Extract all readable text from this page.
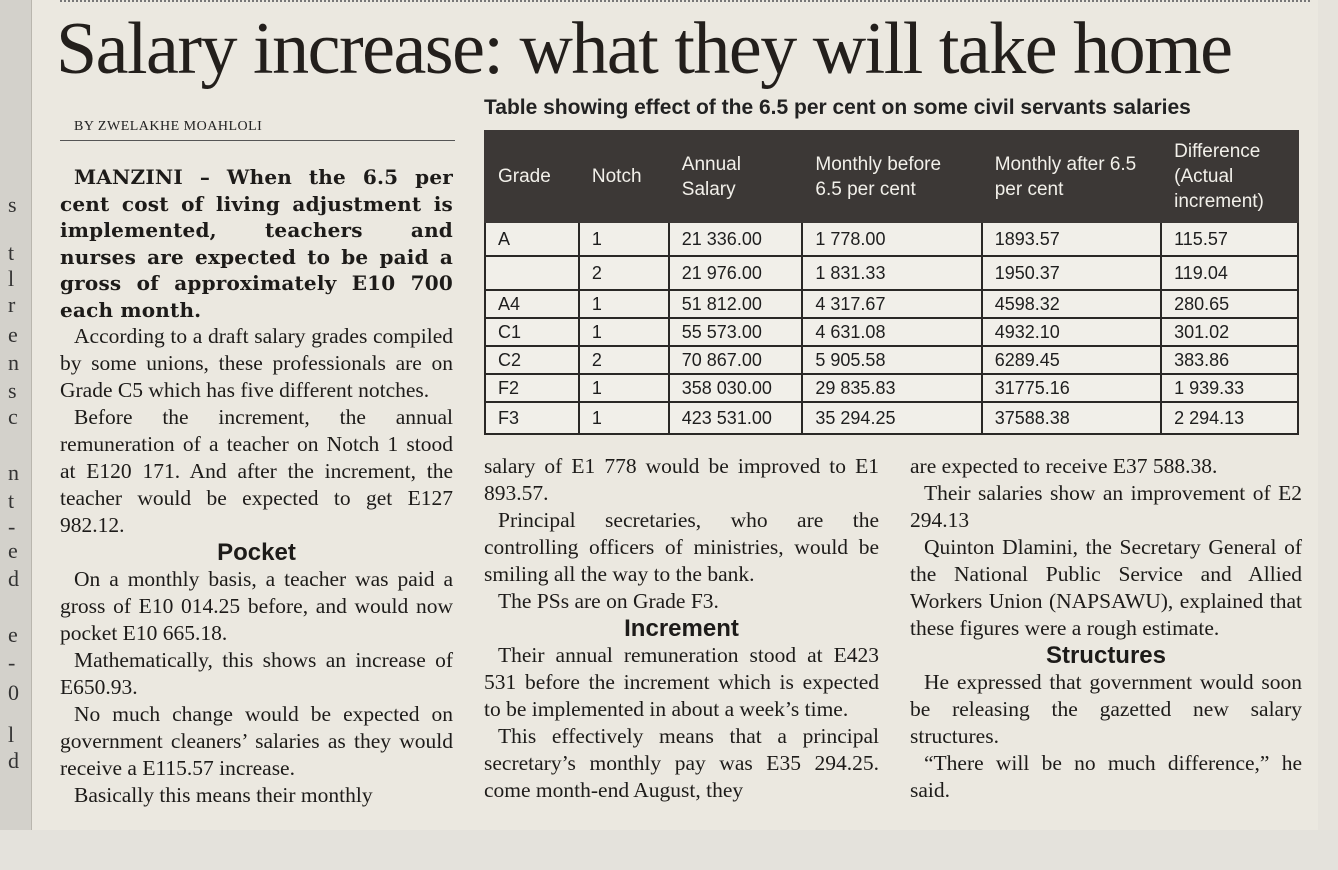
s
t
l
r
e
n
s
c
n
t
-
e
d
e
-
0
l
d
Salary increase: what they will take home
BY ZWELAKHE MOAHLOLI
Table showing effect of the 6.5 per cent on some civil servants salaries
Grade	Notch	Annual Salary	Monthly before 6.5 per cent	Monthly after 6.5 per cent	Difference (Actual increment)
A	1	21 336.00	1 778.00	1893.57	115.57
	2	21 976.00	1 831.33	1950.37	119.04
A4	1	51 812.00	4 317.67	4598.32	280.65
C1	1	55 573.00	4 631.08	4932.10	301.02
C2	2	70 867.00	5 905.58	6289.45	383.86
F2	1	358 030.00	29 835.83	31775.16	1 939.33
F3	1	423 531.00	35 294.25	37588.38	2 294.13

MANZINI – When the 6.5 per cent cost of living adjustment is implemented, teachers and nurses are expected to be paid a gross of approximately E10 700 each month.

According to a draft salary grades compiled by some unions, these professionals are on Grade C5 which has five different notches.

Before the increment, the annual remuneration of a teacher on Notch 1 stood at E120 171. And after the increment, the teacher would be expected to get E127 982.12.

Pocket

On a monthly basis, a teacher was paid a gross of E10 014.25 before, and would now pocket E10 665.18.

Mathematically, this shows an increase of E650.93.

No much change would be expected on government cleaners’ salaries as they would receive a E115.57 increase.

Basically this means their monthly

salary of E1 778 would be improved to E1 893.57.

Principal secretaries, who are the controlling officers of ministries, would be smiling all the way to the bank.

The PSs are on Grade F3.

Increment

Their annual remuneration stood at E423 531 before the increment which is expected to be implemented in about a week’s time.

This effectively means that a principal secretary’s monthly pay was E35 294.25. come month-end August, they

are expected to receive E37 588.38.

Their salaries show an improvement of E2 294.13

Quinton Dlamini, the Secretary General of the National Public Service and Allied Workers Union (NAPSAWU), explained that these figures were a rough estimate.

Structures

He expressed that government would soon be releasing the gazetted new salary structures.

“There will be no much difference,” he said.
